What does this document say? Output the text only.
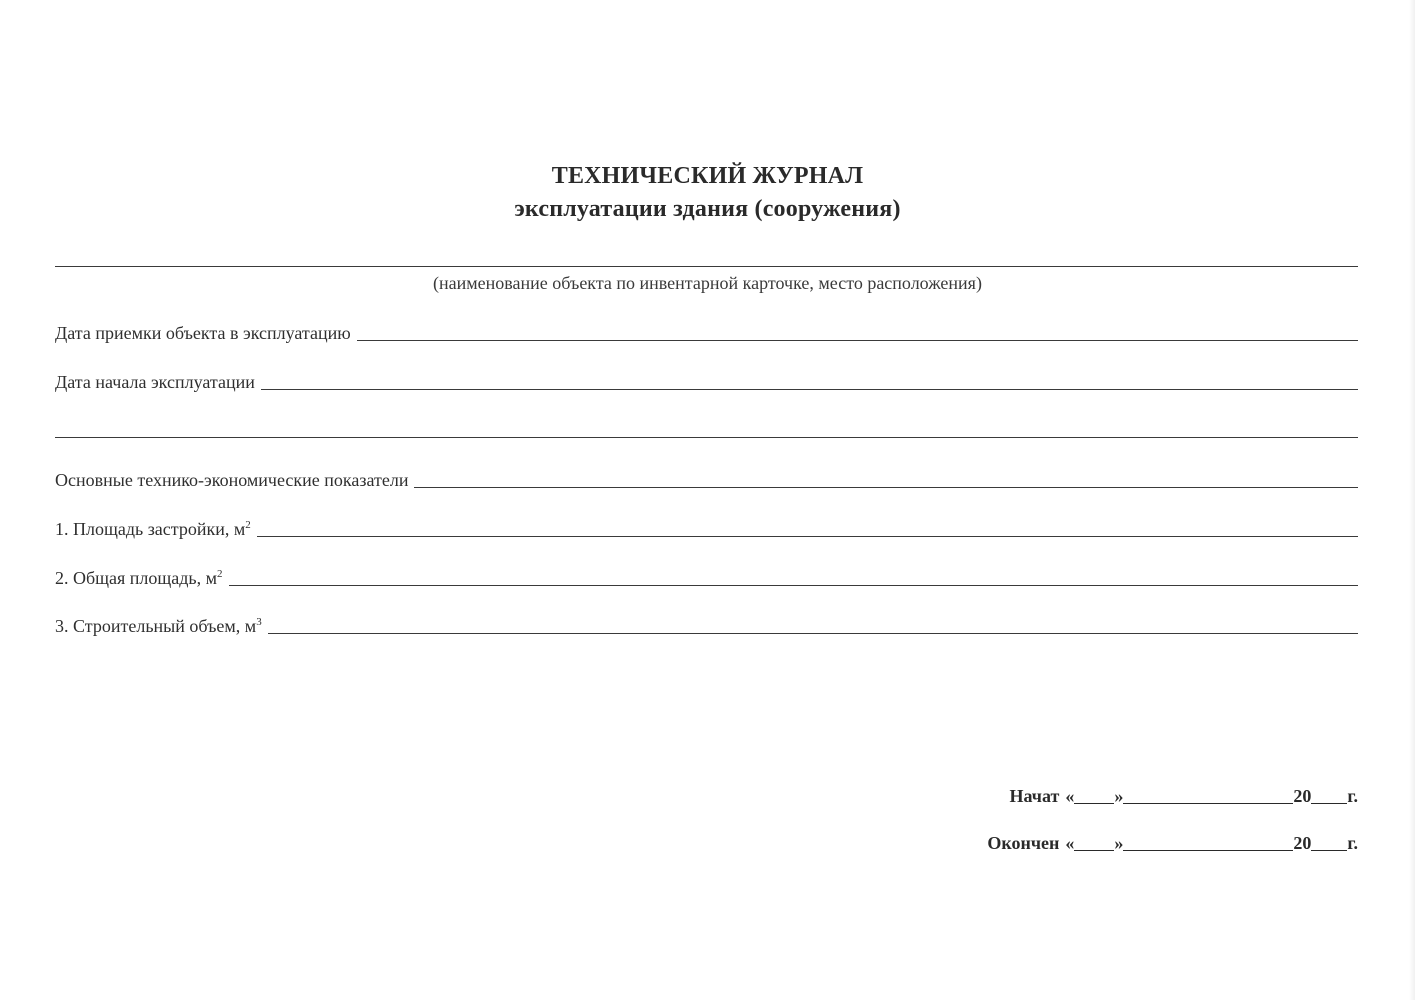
ТЕХНИЧЕСКИЙ ЖУРНАЛ
эксплуатации здания (сооружения)
(наименование объекта по инвентарной карточке, место расположения)
Дата приемки объекта в эксплуатацию
Дата начала эксплуатации
Основные технико-экономические показатели
1. Площадь застройки, $м^2$
2. Общая площадь, $м^2$
3. Строительный объем, $м^3$
Начат « »	20 г.
Окончен « »	20 г.
